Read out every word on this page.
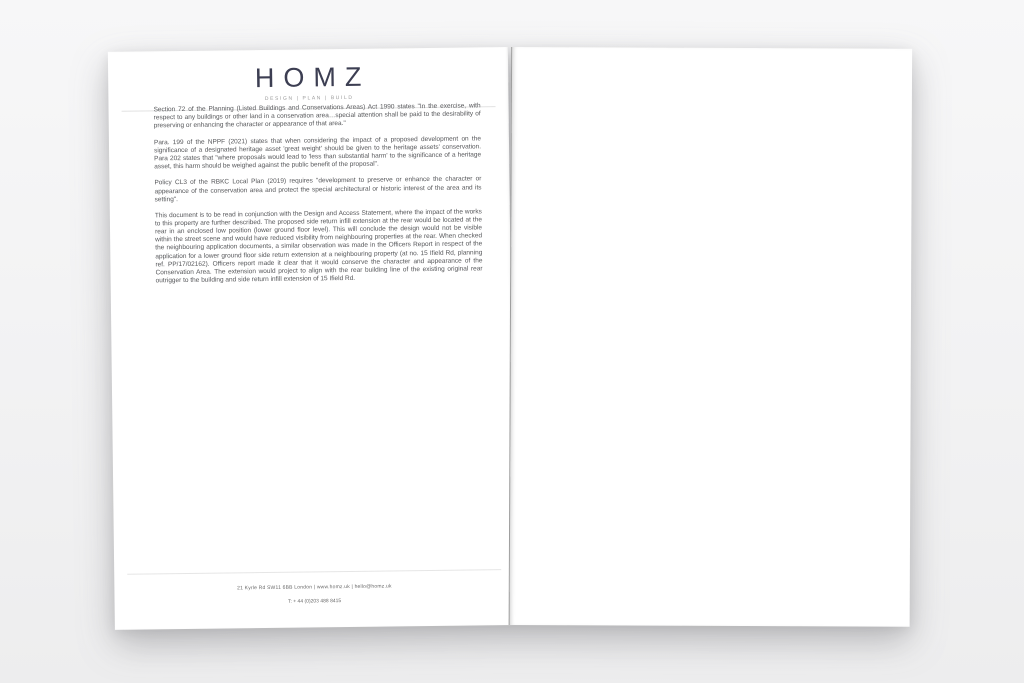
HOMZ
DESIGN | PLAN | BUILD

Section 72 of the Planning (Listed Buildings and Conservations Areas) Act 1990 states "In the exercise, with respect to any buildings or other land in a conservation area…special attention shall be paid to the desirability of preserving or enhancing the character or appearance of that area."

Para. 199 of the NPPF (2021) states that when considering the impact of a proposed development on the significance of a designated heritage asset 'great weight' should be given to the heritage assets' conservation. Para 202 states that "where proposals would lead to 'less than substantial harm' to the significance of a heritage asset, this harm should be weighed against the public benefit of the proposal".

Policy CL3 of the RBKC Local Plan (2019) requires "development to preserve or enhance the character or appearance of the conservation area and protect the special architectural or historic interest of the area and its setting".

This document is to be read in conjunction with the Design and Access Statement, where the impact of the works to this property are further described. The proposed side return infill extension at the rear would be located at the rear in an enclosed low position (lower ground floor level). This will conclude the design would not be visible within the street scene and would have reduced visibility from neighbouring properties at the rear. When checked the neighbouring application documents, a similar observation was made in the Officers Report in respect of the application for a lower ground floor side return extension at a neighbouring property (at no. 15 Ifield Rd, planning ref. PP/17/02162). Officers report made it clear that it would conserve the character and appearance of the Conservation Area. The extension would project to align with the rear building line of the existing original rear outrigger to the building and side return infill extension of 15 Ifield Rd.

21 Kyrle Rd SW11 6BB London | www.homz.uk | hello@homz.uk
T: + 44 (0)203 488 8415
